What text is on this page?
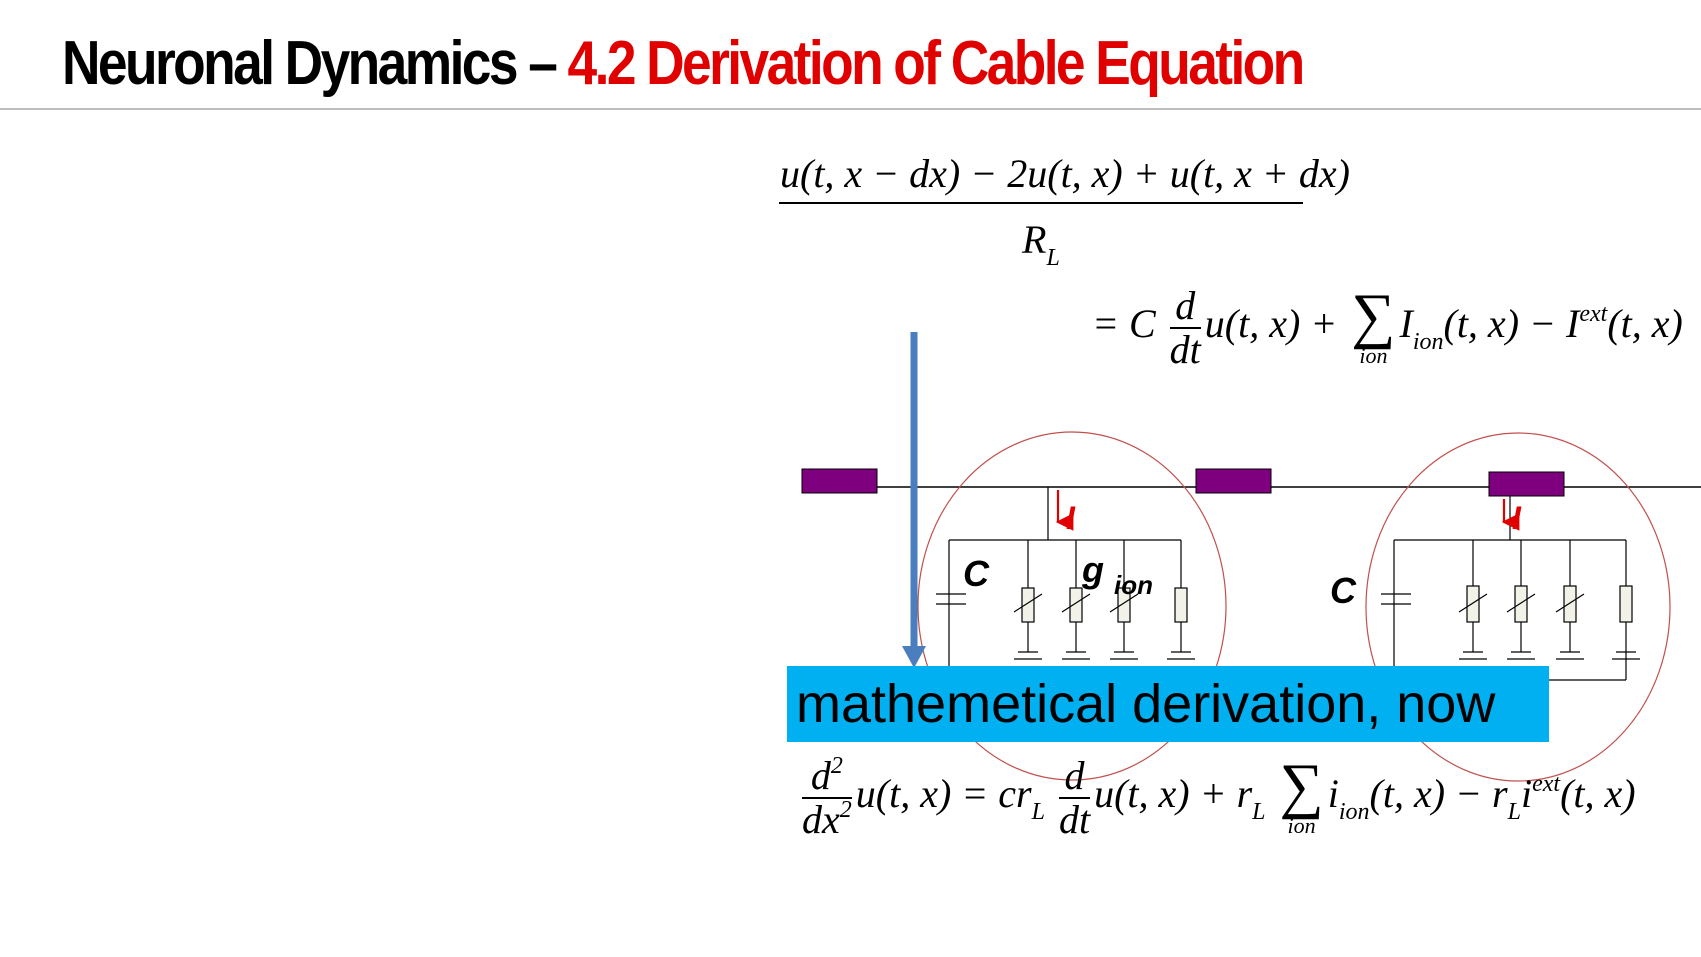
Neuronal Dynamics – 4.2 Derivation of Cable Equation
u(t, x − dx) − 2u(t, x) + u(t, x + dx)
$R_L$
= C $\frac{d}{dt} u(t$, x) + ∑
ion
$I_{ion}(t$, $x) - I^{ext}(t$, x)
I	I
C	C
g $_{ion}$
mathemetical derivation, now
$\frac{d^2}{dx^2} u(t$, $x) = cr_L \frac{d}{dt} u(t$, $x) + r_L$ ∑
ion
$i_{ion}(t$, $x) - r_Li^{ext}(t$, x)
